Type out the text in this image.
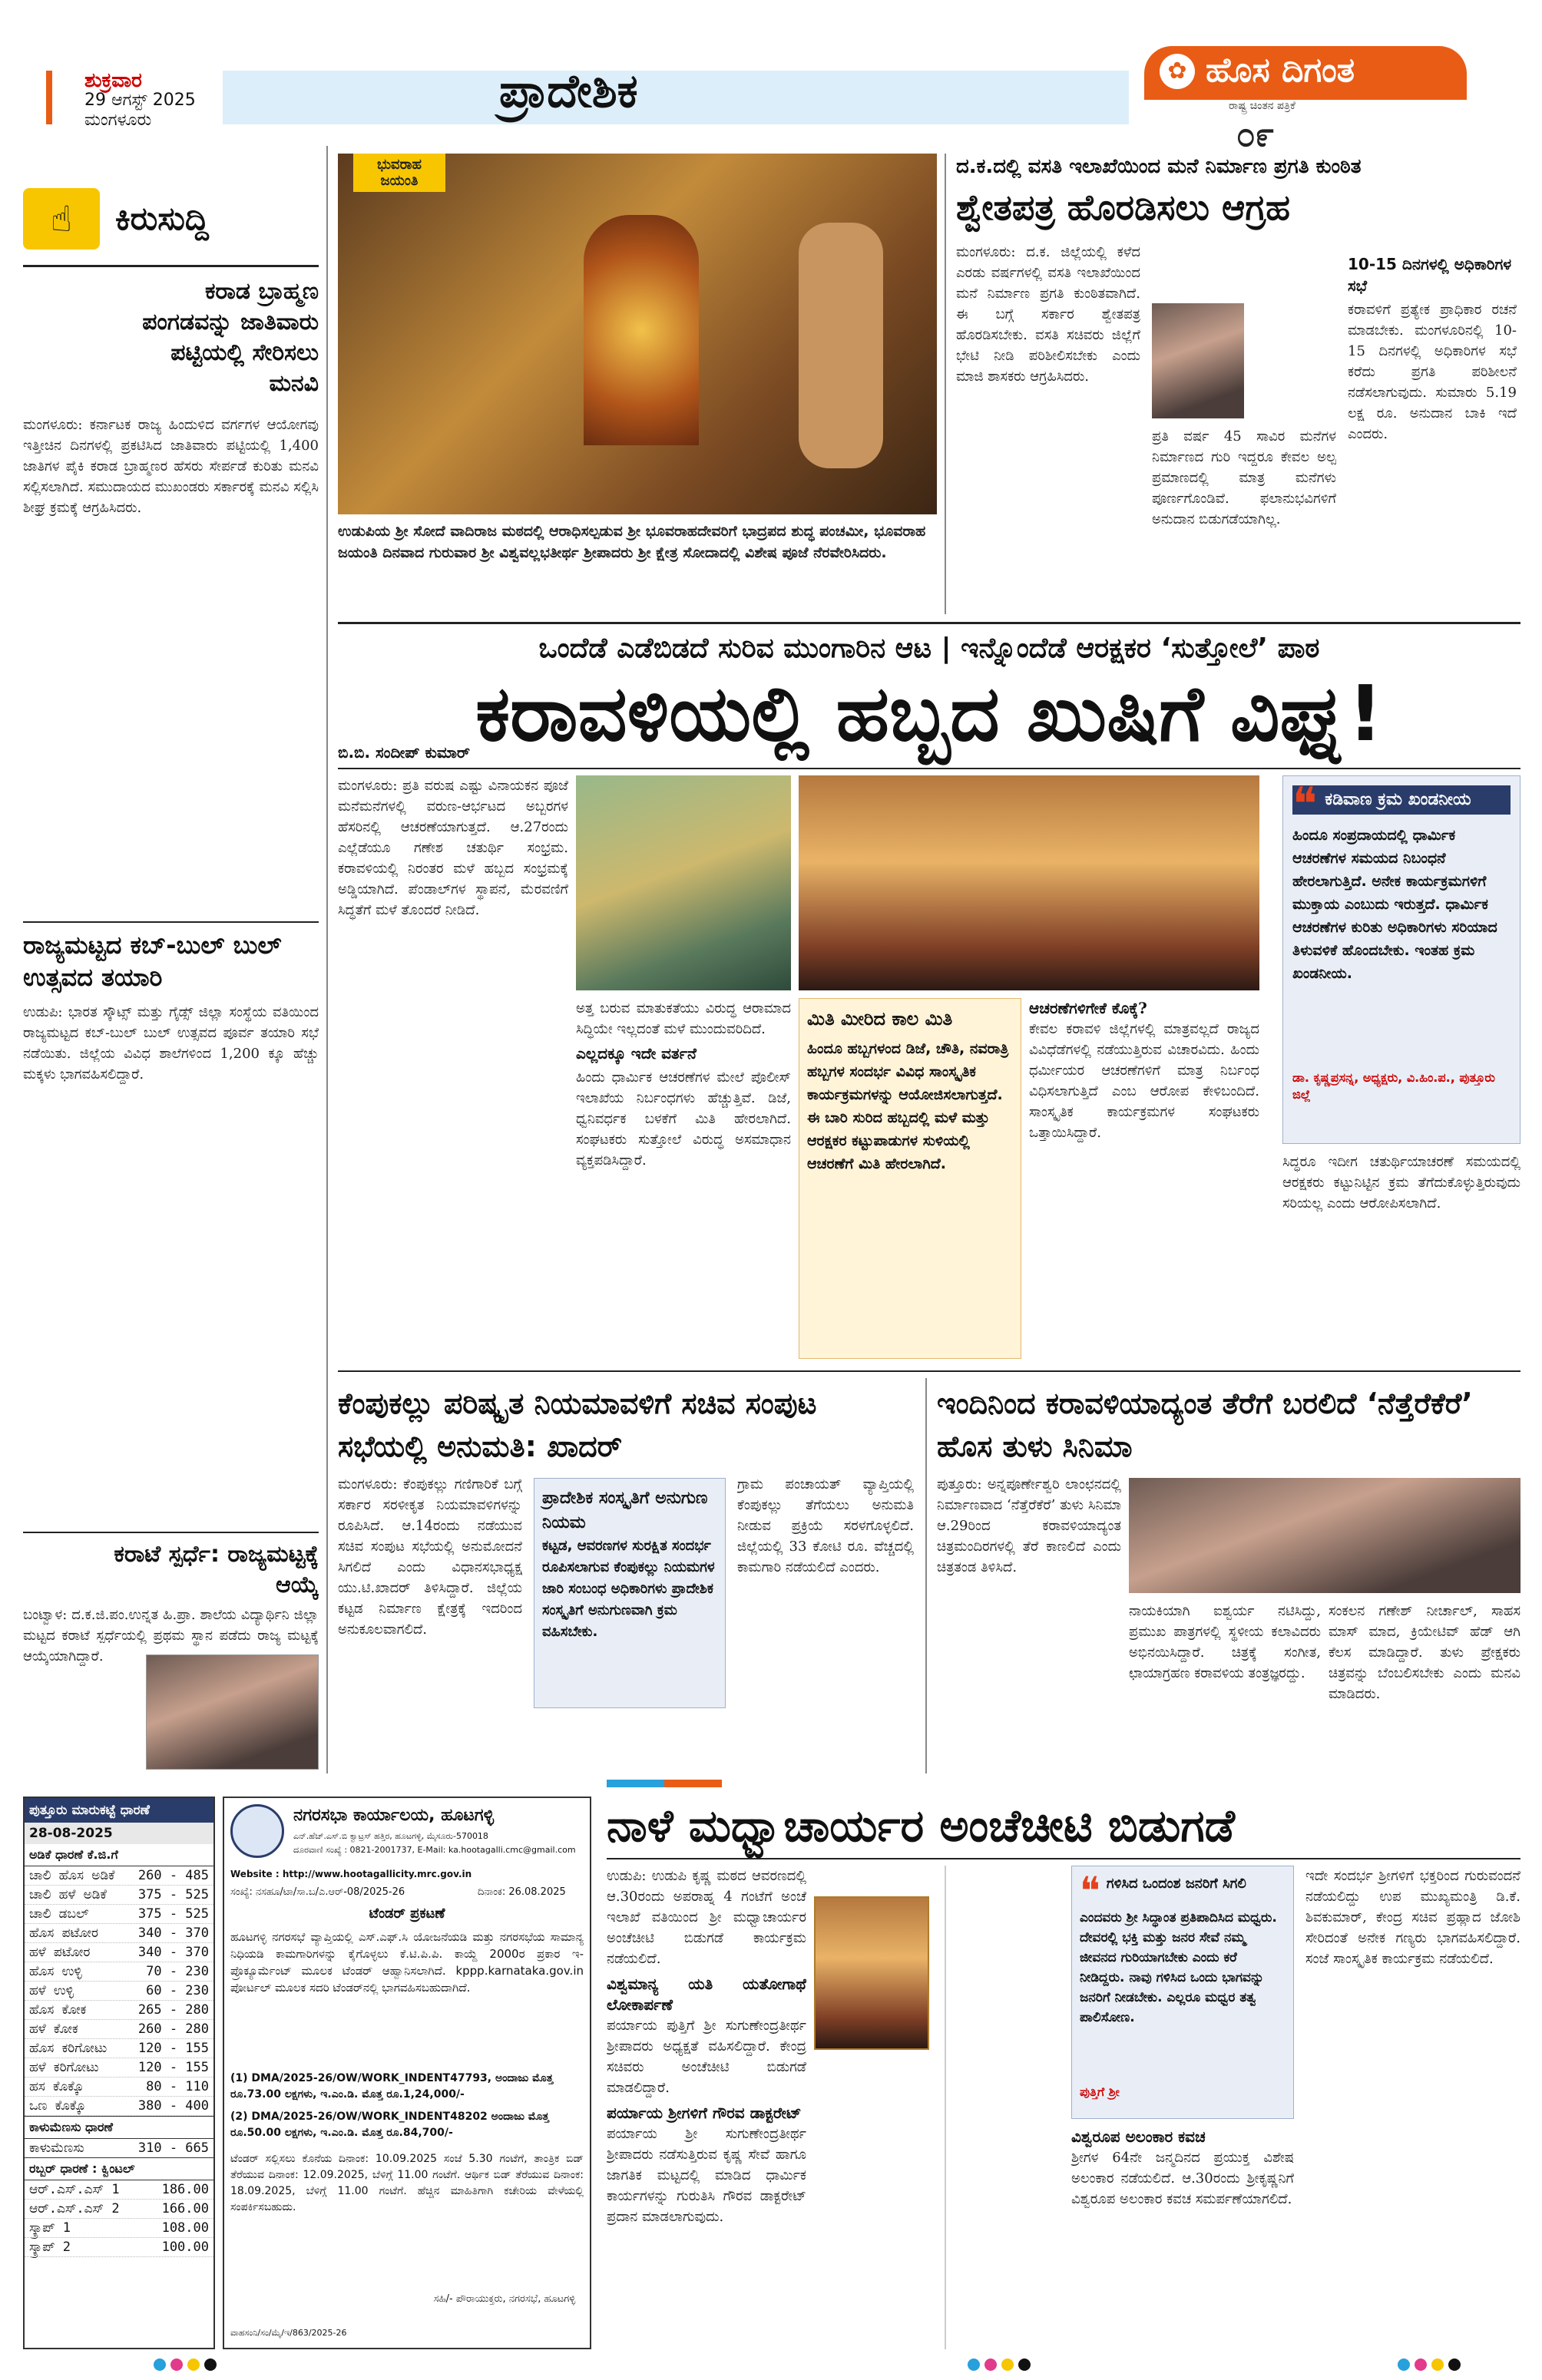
ಶುಕ್ರವಾರ
29 ಆಗಸ್ಟ್ 2025
ಮಂಗಳೂರು
ಪ್ರಾದೇಶಿಕ	✿ ಹೊಸ ದಿಗಂತ
ರಾಷ್ಟ್ರ ಚಿಂತನ ಪತ್ರಿಕೆ
೦೯
☝	ಕಿರುಸುದ್ದಿ
ಕರಾಡ ಬ್ರಾಹ್ಮಣ ಪಂಗಡವನ್ನು ಜಾತಿವಾರು ಪಟ್ಟಿಯಲ್ಲಿ ಸೇರಿಸಲು ಮನವಿ
ಮಂಗಳೂರು: ಕರ್ನಾಟಕ ರಾಜ್ಯ ಹಿಂದುಳಿದ ವರ್ಗಗಳ ಆಯೋಗವು ಇತ್ತೀಚಿನ ದಿನಗಳಲ್ಲಿ ಪ್ರಕಟಿಸಿದ ಜಾತಿವಾರು ಪಟ್ಟಿಯಲ್ಲಿ 1,400 ಜಾತಿಗಳ ಪೈಕಿ ಕರಾಡ ಬ್ರಾಹ್ಮಣರ ಹೆಸರು ಸೇರ್ಪಡೆ ಕುರಿತು ಮನವಿ ಸಲ್ಲಿಸಲಾಗಿದೆ. ಸಮುದಾಯದ ಮುಖಂಡರು ಸರ್ಕಾರಕ್ಕೆ ಮನವಿ ಸಲ್ಲಿಸಿ ಶೀಘ್ರ ಕ್ರಮಕ್ಕೆ ಆಗ್ರಹಿಸಿದರು.
ರಾಜ್ಯಮಟ್ಟದ ಕಬ್-ಬುಲ್ ಬುಲ್ ಉತ್ಸವದ ತಯಾರಿ
ಉಡುಪಿ: ಭಾರತ ಸ್ಕೌಟ್ಸ್ ಮತ್ತು ಗೈಡ್ಸ್ ಜಿಲ್ಲಾ ಸಂಸ್ಥೆಯ ವತಿಯಿಂದ ರಾಜ್ಯಮಟ್ಟದ ಕಬ್-ಬುಲ್ ಬುಲ್ ಉತ್ಸವದ ಪೂರ್ವ ತಯಾರಿ ಸಭೆ ನಡೆಯಿತು. ಜಿಲ್ಲೆಯ ವಿವಿಧ ಶಾಲೆಗಳಿಂದ 1,200 ಕ್ಕೂ ಹೆಚ್ಚು ಮಕ್ಕಳು ಭಾಗವಹಿಸಲಿದ್ದಾರೆ.
ಕರಾಟೆ ಸ್ಪರ್ಧೆ: ರಾಜ್ಯಮಟ್ಟಕ್ಕೆ ಆಯ್ಕೆ
ಬಂಟ್ವಾಳ: ದ.ಕ.ಜಿ.ಪಂ.ಉನ್ನತ ಹಿ.ಪ್ರಾ. ಶಾಲೆಯ ವಿದ್ಯಾರ್ಥಿನಿ ಜಿಲ್ಲಾ ಮಟ್ಟದ ಕರಾಟೆ ಸ್ಪರ್ಧೆಯಲ್ಲಿ ಪ್ರಥಮ ಸ್ಥಾನ ಪಡೆದು ರಾಜ್ಯ ಮಟ್ಟಕ್ಕೆ ಆಯ್ಕೆಯಾಗಿದ್ದಾರೆ.
ಭುವರಾಹ ಜಯಂತಿ
ಉಡುಪಿಯ ಶ್ರೀ ಸೋದೆ ವಾದಿರಾಜ ಮಠದಲ್ಲಿ ಆರಾಧಿಸಲ್ಪಡುವ ಶ್ರೀ ಭೂವರಾಹದೇವರಿಗೆ ಭಾದ್ರಪದ ಶುದ್ಧ ಪಂಚಮೀ, ಭೂವರಾಹ ಜಯಂತಿ ದಿನವಾದ ಗುರುವಾರ ಶ್ರೀ ವಿಶ್ವವಲ್ಲಭತೀರ್ಥ ಶ್ರೀಪಾದರು ಶ್ರೀ ಕ್ಷೇತ್ರ ಸೋದಾದಲ್ಲಿ ವಿಶೇಷ ಪೂಜೆ ನೆರವೇರಿಸಿದರು.
ದ.ಕ.ದಲ್ಲಿ ವಸತಿ ಇಲಾಖೆಯಿಂದ ಮನೆ ನಿರ್ಮಾಣ ಪ್ರಗತಿ ಕುಂಠಿತ
ಶ್ವೇತಪತ್ರ ಹೊರಡಿಸಲು ಆಗ್ರಹ
ಮಂಗಳೂರು: ದ.ಕ. ಜಿಲ್ಲೆಯಲ್ಲಿ ಕಳೆದ ಎರಡು ವರ್ಷಗಳಲ್ಲಿ ವಸತಿ ಇಲಾಖೆಯಿಂದ ಮನೆ ನಿರ್ಮಾಣ ಪ್ರಗತಿ ಕುಂಠಿತವಾಗಿದೆ. ಈ ಬಗ್ಗೆ ಸರ್ಕಾರ ಶ್ವೇತಪತ್ರ ಹೊರಡಿಸಬೇಕು. ವಸತಿ ಸಚಿವರು ಜಿಲ್ಲೆಗೆ ಭೇಟಿ ನೀಡಿ ಪರಿಶೀಲಿಸಬೇಕು ಎಂದು ಮಾಜಿ ಶಾಸಕರು ಆಗ್ರಹಿಸಿದರು.
ಪ್ರತಿ ವರ್ಷ 45 ಸಾವಿರ ಮನೆಗಳ ನಿರ್ಮಾಣದ ಗುರಿ ಇದ್ದರೂ ಕೇವಲ ಅಲ್ಪ ಪ್ರಮಾಣದಲ್ಲಿ ಮಾತ್ರ ಮನೆಗಳು ಪೂರ್ಣಗೊಂಡಿವೆ. ಫಲಾನುಭವಿಗಳಿಗೆ ಅನುದಾನ ಬಿಡುಗಡೆಯಾಗಿಲ್ಲ.
10-15 ದಿನಗಳಲ್ಲಿ ಅಧಿಕಾರಿಗಳ ಸಭೆ
ಕರಾವಳಿಗೆ ಪ್ರತ್ಯೇಕ ಪ್ರಾಧಿಕಾರ ರಚನೆ ಮಾಡಬೇಕು. ಮಂಗಳೂರಿನಲ್ಲಿ 10-15 ದಿನಗಳಲ್ಲಿ ಅಧಿಕಾರಿಗಳ ಸಭೆ ಕರೆದು ಪ್ರಗತಿ ಪರಿಶೀಲನೆ ನಡೆಸಲಾಗುವುದು. ಸುಮಾರು 5.19 ಲಕ್ಷ ರೂ. ಅನುದಾನ ಬಾಕಿ ಇದೆ ಎಂದರು.
ಒಂದೆಡೆ ಎಡೆಬಿಡದೆ ಸುರಿವ ಮುಂಗಾರಿನ ಆಟ | ಇನ್ನೊಂದೆಡೆ ಆರಕ್ಷಕರ ‘ಸುತ್ತೋಲೆ’ ಪಾಠ
ಕರಾವಳಿಯಲ್ಲಿ ಹಬ್ಬದ ಖುಷಿಗೆ ವಿಘ್ನ!
ಬಿ.ಬಿ. ಸಂದೀಪ್ ಕುಮಾರ್
ಮಂಗಳೂರು: ಪ್ರತಿ ವರುಷ ಎಷ್ಟು ವಿನಾಯಕನ ಪೂಜೆ ಮನೆಮನೆಗಳಲ್ಲಿ ವರುಣ-ಆರ್ಭಟದ ಅಬ್ಬರಗಳ ಹೆಸರಿನಲ್ಲಿ ಆಚರಣೆಯಾಗುತ್ತದೆ. ಆ.27ರಂದು ಎಲ್ಲೆಡೆಯೂ ಗಣೇಶ ಚತುರ್ಥಿ ಸಂಭ್ರಮ. ಕರಾವಳಿಯಲ್ಲಿ ನಿರಂತರ ಮಳೆ ಹಬ್ಬದ ಸಂಭ್ರಮಕ್ಕೆ ಅಡ್ಡಿಯಾಗಿದೆ. ಪೆಂಡಾಲ್‌ಗಳ ಸ್ಥಾಪನೆ, ಮೆರವಣಿಗೆ ಸಿದ್ಧತೆಗೆ ಮಳೆ ತೊಂದರೆ ನೀಡಿದೆ.
ಅತ್ತ ಬರುವ ಮಾತುಕತೆಯು ವಿರುದ್ಧ ಆರಾಮಾದ ಸಿದ್ಧಿಯೇ ಇಲ್ಲದಂತೆ ಮಳೆ ಮುಂದುವರಿದಿದೆ.
ಎಲ್ಲದಕ್ಕೂ ಇದೇ ವರ್ತನೆ
ಹಿಂದು ಧಾರ್ಮಿಕ ಆಚರಣೆಗಳ ಮೇಲೆ ಪೊಲೀಸ್ ಇಲಾಖೆಯ ನಿರ್ಬಂಧಗಳು ಹೆಚ್ಚುತ್ತಿವೆ. ಡಿಜೆ, ಧ್ವನಿವರ್ಧಕ ಬಳಕೆಗೆ ಮಿತಿ ಹೇರಲಾಗಿದೆ. ಸಂಘಟಕರು ಸುತ್ತೋಲೆ ವಿರುದ್ಧ ಅಸಮಾಧಾನ ವ್ಯಕ್ತಪಡಿಸಿದ್ದಾರೆ.
ಮಿತಿ ಮೀರಿದ ಕಾಲ ಮಿತಿ
ಹಿಂದೂ ಹಬ್ಬಗಳಂದ ಡಿಜೆ, ಚೌತಿ, ನವರಾತ್ರಿ ಹಬ್ಬಗಳ ಸಂದರ್ಭ ವಿವಿಧ ಸಾಂಸ್ಕೃತಿಕ ಕಾರ್ಯಕ್ರಮಗಳನ್ನು ಆಯೋಜಿಸಲಾಗುತ್ತದೆ. ಈ ಬಾರಿ ಸುರಿದ ಹಬ್ಬದಲ್ಲಿ ಮಳೆ ಮತ್ತು ಆರಕ್ಷಕರ ಕಟ್ಟುಪಾಡುಗಳ ಸುಳಿಯಲ್ಲಿ ಆಚರಣೆಗೆ ಮಿತಿ ಹೇರಲಾಗಿದೆ.
ಆಚರಣೆಗಳಿಗೇಕೆ ಕೊಕ್ಕೆ?
ಕೇವಲ ಕರಾವಳಿ ಜಿಲ್ಲೆಗಳಲ್ಲಿ ಮಾತ್ರವಲ್ಲದೆ ರಾಜ್ಯದ ವಿವಿಧೆಡೆಗಳಲ್ಲಿ ನಡೆಯುತ್ತಿರುವ ವಿಚಾರವಿದು. ಹಿಂದು ಧರ್ಮೀಯರ ಆಚರಣೆಗಳಿಗೆ ಮಾತ್ರ ನಿರ್ಬಂಧ ವಿಧಿಸಲಾಗುತ್ತಿದೆ ಎಂಬ ಆರೋಪ ಕೇಳಿಬಂದಿದೆ. ಸಾಂಸ್ಕೃತಿಕ ಕಾರ್ಯಕ್ರಮಗಳ ಸಂಘಟಕರು ಒತ್ತಾಯಿಸಿದ್ದಾರೆ.
❝ ಕಡಿವಾಣ ಕ್ರಮ ಖಂಡನೀಯ
ಹಿಂದೂ ಸಂಪ್ರದಾಯದಲ್ಲಿ ಧಾರ್ಮಿಕ ಆಚರಣೆಗಳ ಸಮಯದ ನಿಬಂಧನೆ ಹೇರಲಾಗುತ್ತಿದೆ. ಅನೇಕ ಕಾರ್ಯಕ್ರಮಗಳಿಗೆ ಮುಕ್ತಾಯ ಎಂಬುದು ಇರುತ್ತದೆ. ಧಾರ್ಮಿಕ ಆಚರಣೆಗಳ ಕುರಿತು ಅಧಿಕಾರಿಗಳು ಸರಿಯಾದ ತಿಳುವಳಿಕೆ ಹೊಂದಬೇಕು. ಇಂತಹ ಕ್ರಮ ಖಂಡನೀಯ.
ಡಾ. ಕೃಷ್ಣಪ್ರಸನ್ನ, ಅಧ್ಯಕ್ಷರು, ವಿ.ಹಿಂ.ಪ., ಪುತ್ತೂರು ಜಿಲ್ಲೆ
ಸಿದ್ಧರೂ ಇದೀಗ ಚತುರ್ಥಿಯಾಚರಣೆ ಸಮಯದಲ್ಲಿ ಆರಕ್ಷಕರು ಕಟ್ಟುನಿಟ್ಟಿನ ಕ್ರಮ ತೆಗೆದುಕೊಳ್ಳುತ್ತಿರುವುದು ಸರಿಯಲ್ಲ ಎಂದು ಆರೋಪಿಸಲಾಗಿದೆ.
ಕೆಂಪುಕಲ್ಲು ಪರಿಷ್ಕೃತ ನಿಯಮಾವಳಿಗೆ ಸಚಿವ ಸಂಪುಟ ಸಭೆಯಲ್ಲಿ ಅನುಮತಿ: ಖಾದರ್
ಮಂಗಳೂರು: ಕೆಂಪುಕಲ್ಲು ಗಣಿಗಾರಿಕೆ ಬಗ್ಗೆ ಸರ್ಕಾರ ಸರಳೀಕೃತ ನಿಯಮಾವಳಿಗಳನ್ನು ರೂಪಿಸಿದೆ. ಆ.14ರಂದು ನಡೆಯುವ ಸಚಿವ ಸಂಪುಟ ಸಭೆಯಲ್ಲಿ ಅನುಮೋದನೆ ಸಿಗಲಿದೆ ಎಂದು ವಿಧಾನಸಭಾಧ್ಯಕ್ಷ ಯು.ಟಿ.ಖಾದರ್ ತಿಳಿಸಿದ್ದಾರೆ. ಜಿಲ್ಲೆಯ ಕಟ್ಟಡ ನಿರ್ಮಾಣ ಕ್ಷೇತ್ರಕ್ಕೆ ಇದರಿಂದ ಅನುಕೂಲವಾಗಲಿದೆ.
ಪ್ರಾದೇಶಿಕ ಸಂಸ್ಕೃತಿಗೆ ಅನುಗುಣ ನಿಯಮ
ಕಟ್ಟಡ, ಆವರಣಗಳ ಸುರಕ್ಷಿತ ಸಂದರ್ಭ ರೂಪಿಸಲಾಗುವ ಕೆಂಪುಕಲ್ಲು ನಿಯಮಗಳ ಜಾರಿ ಸಂಬಂಧ ಅಧಿಕಾರಿಗಳು ಪ್ರಾದೇಶಿಕ ಸಂಸ್ಕೃತಿಗೆ ಅನುಗುಣವಾಗಿ ಕ್ರಮ ವಹಿಸಬೇಕು.
ಗ್ರಾಮ ಪಂಚಾಯತ್ ವ್ಯಾಪ್ತಿಯಲ್ಲಿ ಕೆಂಪುಕಲ್ಲು ತೆಗೆಯಲು ಅನುಮತಿ ನೀಡುವ ಪ್ರಕ್ರಿಯೆ ಸರಳಗೊಳ್ಳಲಿದೆ. ಜಿಲ್ಲೆಯಲ್ಲಿ 33 ಕೋಟಿ ರೂ. ವೆಚ್ಚದಲ್ಲಿ ಕಾಮಗಾರಿ ನಡೆಯಲಿದೆ ಎಂದರು.
ಇಂದಿನಿಂದ ಕರಾವಳಿಯಾದ್ಯಂತ ತೆರೆಗೆ ಬರಲಿದೆ ‘ನೆತ್ತೆರೆಕೆರೆ’ ಹೊಸ ತುಳು ಸಿನಿಮಾ
ಪುತ್ತೂರು: ಅನ್ನಪೂರ್ಣೇಶ್ವರಿ ಲಾಂಛನದಲ್ಲಿ ನಿರ್ಮಾಣವಾದ ‘ನೆತ್ತೆರೆಕೆರೆ’ ತುಳು ಸಿನಿಮಾ ಆ.29ರಿಂದ ಕರಾವಳಿಯಾದ್ಯಂತ ಚಿತ್ರಮಂದಿರಗಳಲ್ಲಿ ತೆರೆ ಕಾಣಲಿದೆ ಎಂದು ಚಿತ್ರತಂಡ ತಿಳಿಸಿದೆ.
ನಾಯಕಿಯಾಗಿ ಐಶ್ವರ್ಯ ನಟಿಸಿದ್ದು, ಪ್ರಮುಖ ಪಾತ್ರಗಳಲ್ಲಿ ಸ್ಥಳೀಯ ಕಲಾವಿದರು ಅಭಿನಯಿಸಿದ್ದಾರೆ. ಚಿತ್ರಕ್ಕೆ ಸಂಗೀತ, ಛಾಯಾಗ್ರಹಣ ಕರಾವಳಿಯ ತಂತ್ರಜ್ಞರದ್ದು.
ಸಂಕಲನ ಗಣೇಶ್ ನೀರ್ಚಾಲ್, ಸಾಹಸ ಮಾಸ್ ಮಾದ, ಕ್ರಿಯೇಟಿವ್ ಹೆಡ್ ಆಗಿ ಕೆಲಸ ಮಾಡಿದ್ದಾರೆ. ತುಳು ಪ್ರೇಕ್ಷಕರು ಚಿತ್ರವನ್ನು ಬೆಂಬಲಿಸಬೇಕು ಎಂದು ಮನವಿ ಮಾಡಿದರು.
ಪುತ್ತೂರು ಮಾರುಕಟ್ಟೆ ಧಾರಣೆ
28-08-2025
ಅಡಿಕೆ ಧಾರಣೆ ಕೆ.ಜಿ.ಗೆ
ಚಾಲಿ ಹೊಸ ಅಡಿಕೆ 260 - 485
ಚಾಲಿ ಹಳೆ ಅಡಿಕೆ 375 - 525
ಚಾಲಿ ಡಬಲ್	375 - 525
ಹೊಸ ಪಟೋರ	340 - 370
ಹಳೆ ಪಟೋರ	340 - 370
ಹೊಸ ಉಳ್ಳಿ	70 - 230
ಹಳೆ ಉಳ್ಳಿ	60 - 230
ಹೊಸ ಕೋಕ	265 - 280
ಹಳೆ ಕೋಕ	260 - 280
ಹೊಸ ಕರಿಗೋಟು 120 - 155
ಹಳೆ ಕರಿಗೋಟು	120 - 155
ಹಸ ಕೊಕ್ಕೊ	80 - 110
ಒಣ ಕೊಕ್ಕೊ	380 - 400
ಕಾಳುಮೆಣಸು ಧಾರಣೆ
ಕಾಳುಮೆಣಸು	310 - 665
ರಬ್ಬರ್ ಧಾರಣೆ : ಕ್ವಿಂಟಲ್
ಆರ್.ಎಸ್.ಎಸ್ 1	186.00
ಆರ್.ಎಸ್.ಎಸ್ 2	166.00
ಸ್ಕ್ರಾಪ್ 1	108.00
ಸ್ಕ್ರಾಪ್ 2	100.00
ನಗರಸಭಾ ಕಾರ್ಯಾಲಯ, ಹೂಟಗಳ್ಳಿ
ಎನ್.ಹೆಚ್.ಎಸ್.ಬಿ ಕ್ವಾಟ್ರಸ್ ಹತ್ತಿರ, ಹೂಟಗಳ್ಳಿ, ಮೈಸೂರು-570018
ದೂರವಾಣಿ ಸಂಖ್ಯೆ : 0821-2001737, E-Mail: ka.hootagalli.cmc@gmail.com
Website : http://www.hootagallicity.mrc.gov.in
ಸಂಖ್ಯೆ: ನಸಹೂ/ಟಾ/ಸಾ.ಬ/ಎ.ಆರ್-08/2025-26	ದಿನಾಂಕ: 26.08.2025
ಟೆಂಡರ್ ಪ್ರಕಟಣೆ
ಹೂಟಗಳ್ಳಿ ನಗರಸಭೆ ವ್ಯಾಪ್ತಿಯಲ್ಲಿ ಎಸ್.ಎಫ್.ಸಿ ಯೋಜನೆಯಡಿ ಮತ್ತು ನಗರಸಭೆಯ ಸಾಮಾನ್ಯ ನಿಧಿಯಡಿ ಕಾಮಗಾರಿಗಳನ್ನು ಕೈಗೊಳ್ಳಲು ಕೆ.ಟಿ.ಪಿ.ಪಿ. ಕಾಯ್ದೆ 2000ರ ಪ್ರಕಾರ ಇ-ಪ್ರೊಕ್ಯೂರ್ಮೆಂಟ್ ಮೂಲಕ ಟೆಂಡರ್ ಆಹ್ವಾನಿಸಲಾಗಿದೆ. kppp.karnataka.gov.in ಪೋರ್ಟಲ್ ಮೂಲಕ ಸದರಿ ಟೆಂಡರ್‌ನಲ್ಲಿ ಭಾಗವಹಿಸಬಹುದಾಗಿದೆ.
(1) DMA/2025-26/OW/WORK_INDENT47793, ಅಂದಾಜು ಮೊತ್ತ ರೂ.73.00 ಲಕ್ಷಗಳು, ಇ.ಎಂ.ಡಿ. ಮೊತ್ತ ರೂ.1,24,000/-
(2) DMA/2025-26/OW/WORK_INDENT48202 ಅಂದಾಜು ಮೊತ್ತ ರೂ.50.00 ಲಕ್ಷಗಳು, ಇ.ಎಂ.ಡಿ. ಮೊತ್ತ ರೂ.84,700/-
ಟೆಂಡರ್ ಸಲ್ಲಿಸಲು ಕೊನೆಯ ದಿನಾಂಕ: 10.09.2025 ಸಂಜೆ 5.30 ಗಂಟೆಗೆ, ತಾಂತ್ರಿಕ ಬಿಡ್ ತೆರೆಯುವ ದಿನಾಂಕ: 12.09.2025, ಬೆಳಿಗ್ಗೆ 11.00 ಗಂಟೆಗೆ. ಆರ್ಥಿಕ ಬಿಡ್ ತೆರೆಯುವ ದಿನಾಂಕ: 18.09.2025, ಬೆಳಿಗ್ಗೆ 11.00 ಗಂಟೆಗೆ. ಹೆಚ್ಚಿನ ಮಾಹಿತಿಗಾಗಿ ಕಚೇರಿಯ ವೇಳೆಯಲ್ಲಿ ಸಂಪರ್ಕಿಸಬಹುದು.
ಸಹಿ/- ಪೌರಾಯುಕ್ತರು, ನಗರಸಭೆ, ಹೂಟಗಳ್ಳಿ
ವಾಹಸಂನಿ/ಸಂ/ಮೈ/ಇ/863/2025-26
ನಾಳೆ ಮಧ್ವಾಚಾರ್ಯರ ಅಂಚೆಚೀಟಿ ಬಿಡುಗಡೆ
ಉಡುಪಿ: ಉಡುಪಿ ಕೃಷ್ಣ ಮಠದ ಆವರಣದಲ್ಲಿ ಆ.30ರಂದು ಅಪರಾಹ್ನ 4 ಗಂಟೆಗೆ ಅಂಚೆ ಇಲಾಖೆ ವತಿಯಿಂದ ಶ್ರೀ ಮಧ್ವಾಚಾರ್ಯರ ಅಂಚೆಚೀಟಿ ಬಿಡುಗಡೆ ಕಾರ್ಯಕ್ರಮ ನಡೆಯಲಿದೆ.
ವಿಶ್ವಮಾನ್ಯ ಯತಿ ಯತೋಗಾಥೆ ಲೋಕಾರ್ಪಣೆ
ಪರ್ಯಾಯ ಪುತ್ತಿಗೆ ಶ್ರೀ ಸುಗುಣೇಂದ್ರತೀರ್ಥ ಶ್ರೀಪಾದರು ಅಧ್ಯಕ್ಷತೆ ವಹಿಸಲಿದ್ದಾರೆ. ಕೇಂದ್ರ ಸಚಿವರು ಅಂಚೆಚೀಟಿ ಬಿಡುಗಡೆ ಮಾಡಲಿದ್ದಾರೆ.
ಪರ್ಯಾಯ ಶ್ರೀಗಳಿಗೆ ಗೌರವ ಡಾಕ್ಟರೇಟ್
ಪರ್ಯಾಯ ಶ್ರೀ ಸುಗುಣೇಂದ್ರತೀರ್ಥ ಶ್ರೀಪಾದರು ನಡೆಸುತ್ತಿರುವ ಕೃಷ್ಣ ಸೇವೆ ಹಾಗೂ ಜಾಗತಿಕ ಮಟ್ಟದಲ್ಲಿ ಮಾಡಿದ ಧಾರ್ಮಿಕ ಕಾರ್ಯಗಳನ್ನು ಗುರುತಿಸಿ ಗೌರವ ಡಾಕ್ಟರೇಟ್ ಪ್ರದಾನ ಮಾಡಲಾಗುವುದು.
❝ ಗಳಿಸಿದ ಒಂದಂಶ ಜನರಿಗೆ ಸಿಗಲಿ
ಎಂದವರು ಶ್ರೀ ಸಿದ್ಧಾಂತ ಪ್ರತಿಪಾದಿಸಿದ ಮಧ್ವರು. ದೇವರಲ್ಲಿ ಭಕ್ತಿ ಮತ್ತು ಜನರ ಸೇವೆ ನಮ್ಮ ಜೀವನದ ಗುರಿಯಾಗಬೇಕು ಎಂದು ಕರೆ ನೀಡಿದ್ದರು. ನಾವು ಗಳಿಸಿದ ಒಂದು ಭಾಗವನ್ನು ಜನರಿಗೆ ನೀಡಬೇಕು. ಎಲ್ಲರೂ ಮಧ್ವರ ತತ್ವ ಪಾಲಿಸೋಣ.
ಪುತ್ತಿಗೆ ಶ್ರೀ
ವಿಶ್ವರೂಪ ಅಲಂಕಾರ ಕವಚ
ಶ್ರೀಗಳ 64ನೇ ಜನ್ಮದಿನದ ಪ್ರಯುಕ್ತ ವಿಶೇಷ ಅಲಂಕಾರ ನಡೆಯಲಿದೆ. ಆ.30ರಂದು ಶ್ರೀಕೃಷ್ಣನಿಗೆ ವಿಶ್ವರೂಪ ಅಲಂಕಾರ ಕವಚ ಸಮರ್ಪಣೆಯಾಗಲಿದೆ.
ಇದೇ ಸಂದರ್ಭ ಶ್ರೀಗಳಿಗೆ ಭಕ್ತರಿಂದ ಗುರುವಂದನೆ ನಡೆಯಲಿದ್ದು ಉಪ ಮುಖ್ಯಮಂತ್ರಿ ಡಿ.ಕೆ. ಶಿವಕುಮಾರ್, ಕೇಂದ್ರ ಸಚಿವ ಪ್ರಹ್ಲಾದ ಜೋಶಿ ಸೇರಿದಂತೆ ಅನೇಕ ಗಣ್ಯರು ಭಾಗವಹಿಸಲಿದ್ದಾರೆ. ಸಂಜೆ ಸಾಂಸ್ಕೃತಿಕ ಕಾರ್ಯಕ್ರಮ ನಡೆಯಲಿದೆ.
